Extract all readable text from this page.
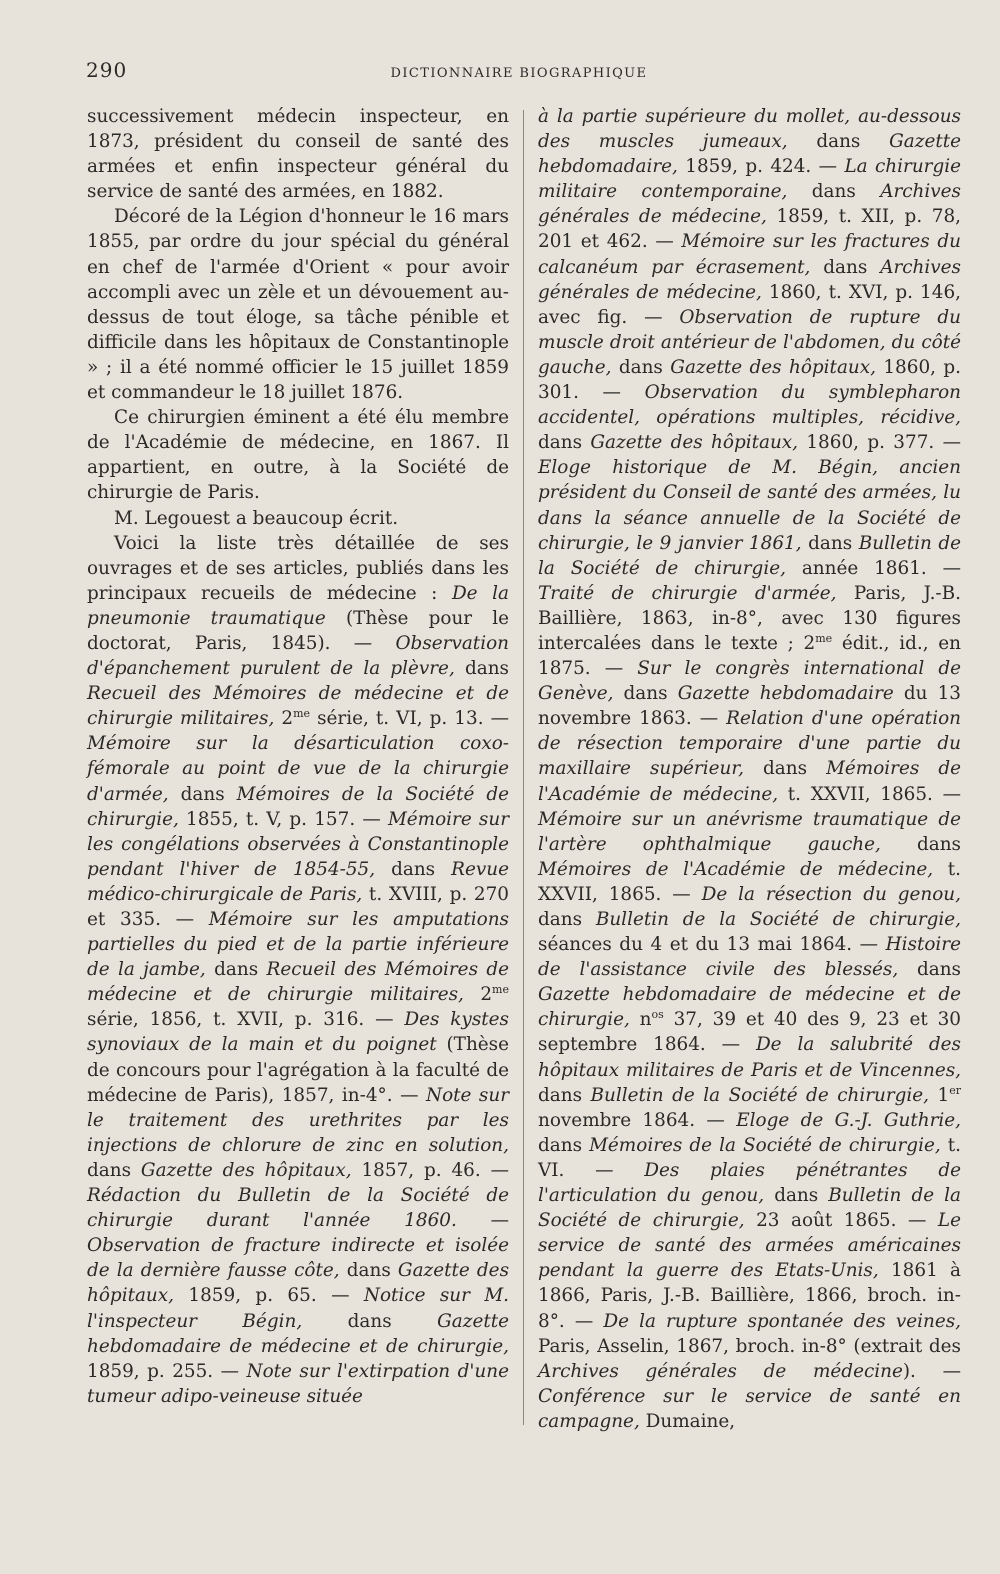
290	DICTIONNAIRE BIOGRAPHIQUE

successivement médecin inspecteur, en 1873, président du conseil de santé des armées et enfin inspecteur général du service de santé des armées, en 1882.

Décoré de la Légion d'honneur le 16 mars 1855, par ordre du jour spécial du général en chef de l'armée d'Orient « pour avoir accompli avec un zèle et un dévouement au-dessus de tout éloge, sa tâche pénible et difficile dans les hôpitaux de Constantinople » ; il a été nommé officier le 15 juillet 1859 et commandeur le 18 juillet 1876.

Ce chirurgien éminent a été élu membre de l'Académie de médecine, en 1867. Il appartient, en outre, à la Société de chirurgie de Paris.

M. Legouest a beaucoup écrit.

Voici la liste très détaillée de ses ouvrages et de ses articles, publiés dans les principaux recueils de médecine : De la pneumonie traumatique (Thèse pour le doctorat, Paris, 1845). — Observation d'épanchement purulent de la plèvre, dans Recueil des Mémoires de médecine et de chirurgie militaires, $2^{me}$ série, t. VI, p. 13. — Mémoire sur la désarticulation coxo-fémorale au point de vue de la chirurgie d'armée, dans Mémoires de la Société de chirurgie, 1855, t. V, p. 157. — Mémoire sur les congélations observées à Constantinople pendant l'hiver de 1854-55, dans Revue médico-chirurgicale de Paris, t. XVIII, p. 270 et 335. — Mémoire sur les amputations partielles du pied et de la partie inférieure de la jambe, dans Recueil des Mémoires de médecine et de chirurgie militaires, $2^{me}$ série, 1856, t. XVII, p. 316. — Des kystes synoviaux de la main et du poignet (Thèse de concours pour l'agrégation à la faculté de médecine de Paris), 1857, in-4°. — Note sur le traitement des urethrites par les injections de chlorure de zinc en solution, dans Gazette des hôpitaux, 1857, p. 46. — Rédaction du Bulletin de la Société de chirurgie durant l'année 1860. — Observation de fracture indirecte et isolée de la dernière fausse côte, dans Gazette des hôpitaux, 1859, p. 65. — Notice sur M. l'inspecteur Bégin, dans Gazette hebdomadaire de médecine et de chirurgie, 1859, p. 255. — Note sur l'extirpation d'une tumeur adipo-veineuse située

à la partie supérieure du mollet, au-dessous des muscles jumeaux, dans Gazette hebdomadaire, 1859, p. 424. — La chirurgie militaire contemporaine, dans Archives générales de médecine, 1859, t. XII, p. 78, 201 et 462. — Mémoire sur les fractures du calcanéum par écrasement, dans Archives générales de médecine, 1860, t. XVI, p. 146, avec fig. — Observation de rupture du muscle droit antérieur de l'abdomen, du côté gauche, dans Gazette des hôpitaux, 1860, p. 301. — Observation du symblepharon accidentel, opérations multiples, récidive, dans Gazette des hôpitaux, 1860, p. 377. — Eloge historique de M. Bégin, ancien président du Conseil de santé des armées, lu dans la séance annuelle de la Société de chirurgie, le 9 janvier 1861, dans Bulletin de la Société de chirurgie, année 1861. — Traité de chirurgie d'armée, Paris, J.-B. Baillière, 1863, in-8°, avec 130 figures intercalées dans le texte ; $2^{me}$ édit., id., en 1875. — Sur le congrès international de Genève, dans Gazette hebdomadaire du 13 novembre 1863. — Relation d'une opération de résection temporaire d'une partie du maxillaire supérieur, dans Mémoires de l'Académie de médecine, t. XXVII, 1865. — Mémoire sur un anévrisme traumatique de l'artère ophthalmique gauche, dans Mémoires de l'Académie de médecine, t. XXVII, 1865. — De la résection du genou, dans Bulletin de la Société de chirurgie, séances du 4 et du 13 mai 1864. — Histoire de l'assistance civile des blessés, dans Gazette hebdomadaire de médecine et de chirurgie, $n^{os}$ 37, 39 et 40 des 9, 23 et 30 septembre 1864. — De la salubrité des hôpitaux militaires de Paris et de Vincennes, dans Bulletin de la Société de chirurgie, 1er novembre 1864. — Eloge de G.-J. Guthrie, dans Mémoires de la Société de chirurgie, t. VI. — Des plaies pénétrantes de l'articulation du genou, dans Bulletin de la Société de chirurgie, 23 août 1865. — Le service de santé des armées américaines pendant la guerre des Etats-Unis, 1861 à 1866, Paris, J.-B. Baillière, 1866, broch. in-8°. — De la rupture spontanée des veines, Paris, Asselin, 1867, broch. in-8° (extrait des Archives générales de médecine). — Conférence sur le service de santé en campagne, Dumaine,
